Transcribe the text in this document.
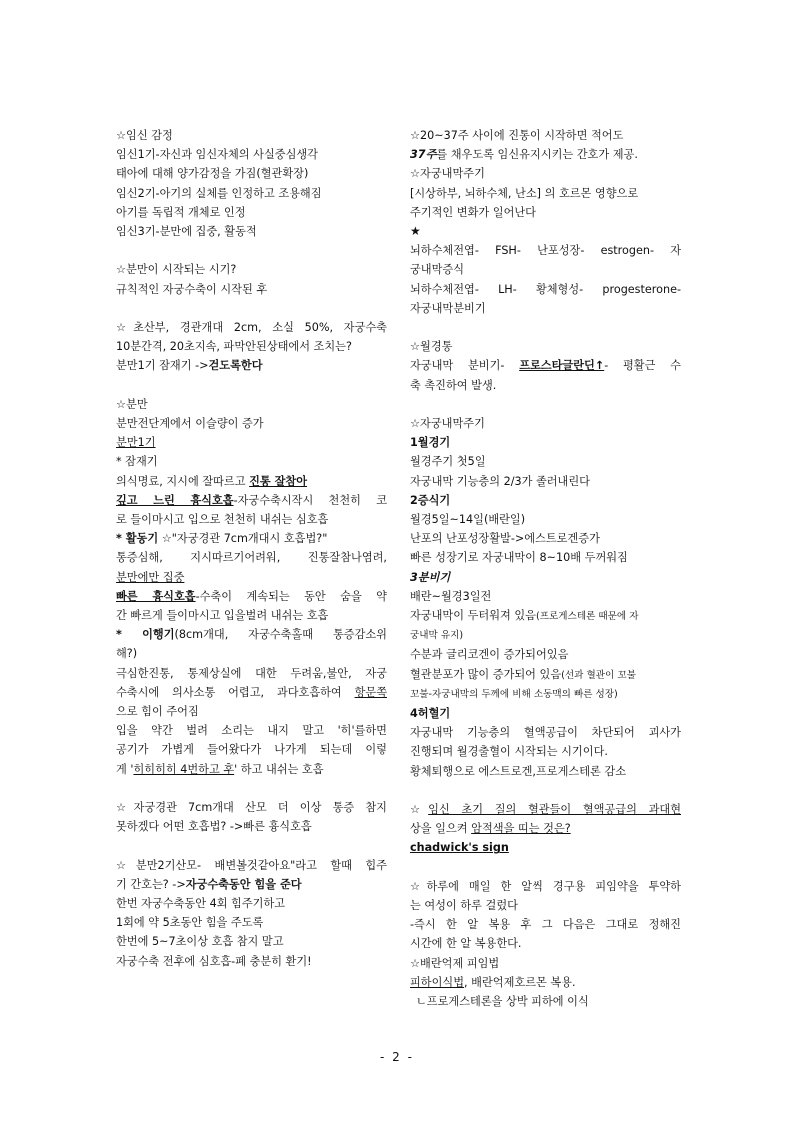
☆임신 감정
임신1기-자신과 임신자체의 사실중심생각
태아에 대해 양가감정을 가짐(혈관확장)
임신2기-아기의 실체를 인정하고 조용해짐
아기를 독립적 개체로 인정
임신3기-분만에 집중, 활동적
☆분만이 시작되는 시기?
규칙적인 자궁수축이 시작된 후
☆초산부, 경관개대 2cm, 소실 50%, 자궁수축
10분간격, 20초지속, 파막안된상태에서 조치는?
분만1기 잠재기 ->걷도록한다
☆분만
분만전단계에서 이슬량이 증가
분만1기
* 잠재기
의식명료, 지시에 잘따르고 진통 잘참아
깊고 느린 흉식호흡-자궁수축시작시 천천히 코
로 들이마시고 입으로 천천히 내쉬는 심호흡
* 활동기 ☆"자궁경관 7cm개대시 호흡법?"
통증심해, 지시따르기어려워, 진통잘참나염려,
분만에만 집중
빠른 흉식호흡-수축이 계속되는 동안 숨을 약
간 빠르게 들이마시고 입을벌려 내쉬는 호흡
* 이행기(8cm개대, 자궁수축홀때 통증감소위
해?)
극심한진통, 통제상실에 대한 두려움,불안, 자궁
수축시에 의사소통 어렵고, 과다호흡하여 항문쪽
으로 힘이 주어짐
입을 약간 벌려 소리는 내지 말고 '히'를하면
공기가 가볍게 들어왔다가 나가게 되는데 이렇
게 '히히히히 4번하고 후' 하고 내쉬는 호흡
☆자궁경관 7cm개대 산모 더 이상 통증 참지
못하겠다 어떤 호흡법? ->빠른 흉식호흡
☆분만2기산모- 배변볼것같아요"라고 할때 힙주
기 간호는? ->자궁수축동안 힘을 준다
한번 자궁수축동안 4회 힘주기하고
1회에 약 5초동안 힘을 주도록
한번에 5~7초이상 호흡 참지 말고
자궁수축 전후에 심호흡-폐 충분히 환기!
☆20~37주 사이에 진통이 시작하면 적어도
37주를 채우도록 임신유지시키는 간호가 제공.
☆자궁내막주기
[시상하부, 뇌하수체, 난소] 의 호르몬 영향으로
주기적인 변화가 일어난다
★
뇌하수체전엽- FSH- 난포성장- estrogen- 자
궁내막증식
뇌하수체전엽- LH- 황체형성- progesterone-
자궁내막분비기
☆월경통
자궁내막 분비기- 프로스타글란딘↑- 평활근 수
축 촉진하여 발생.
☆자궁내막주기
1월경기
월경주기 첫5일
자궁내막 기능층의 2/3가 졸러내린다
2증식기
월경5일~14일(배란일)
난포의 난포성장활발->에스트로겐증가
빠른 성장기로 자궁내막이 8~10배 두꺼워짐
3분비기
배란~월경3일전
자궁내막이 두터워져 있음(프로게스테론 때문에 자
궁내막 유지)
수분과 글리코겐이 증가되어있음
혈관분포가 많이 증가되어 있음(선과 혈관이 꼬불
꼬불-자궁내막의 두께에 비해 소동맥의 빠른 성장)
4허혈기
자궁내막 기능층의 혈액공급이 차단되어 괴사가
진행되며 월경출혈이 시작되는 시기이다.
황체퇴행으로 에스트로겐,프로게스테론 감소
☆임신 초기 질의 혈관들이 혈액공급의 과대현
상을 일으켜 암적색을 띠는 것은?
chadwick's sign
☆하루에 매일 한 알씩 경구용 피임약을 투약하
는 여성이 하루 걸렀다
-즉시 한 알 복용 후 그 다음은 그대로 정해진
시간에 한 알 복용한다.
☆배란억제 피임법
피하이식법, 배란억제호르몬 복용.
ㄴ프로게스테론을 상박 피하에 이식
- 2 -
